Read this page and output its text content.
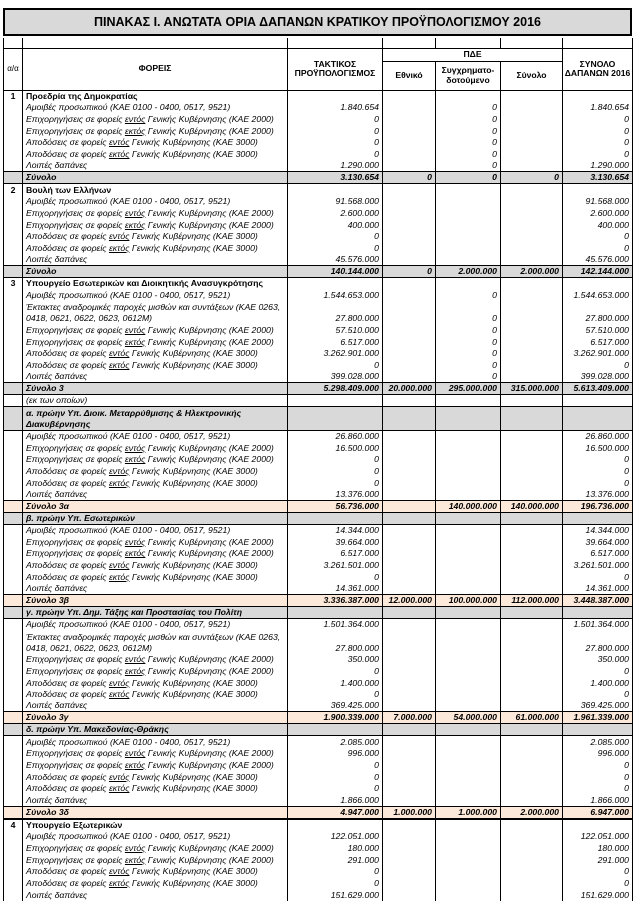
ΠΙΝΑΚΑΣ Ι. ΑΝΩΤΑΤΑ ΟΡΙΑ ΔΑΠΑΝΩΝ ΚΡΑΤΙΚΟΥ ΠΡΟΫΠΟΛΟΓΙΣΜΟΥ 2016

α/α	ΦΟΡΕΙΣ	ΤΑΚΤΙΚΟΣ
ΠΡΟΫΠΟΛΟΓΙΣΜΟΣ	ΠΔΕ			ΣΥΝΟΛΟ
ΔΑΠΑΝΩΝ 2016
			Εθνικό	Συγχρηματο-
δοτούμενο	Σύνολο	
1	Προεδρία της Δημοκρατίας					
	Αμοιβές προσωπικού (ΚΑΕ 0100 - 0400, 0517, 9521)	1.840.654		0		1.840.654
	Επιχορηγήσεις σε φορείς εντός Γενικής Κυβέρνησης (ΚΑΕ 2000)	0		0		0
	Επιχορηγήσεις σε φορείς εκτός Γενικής Κυβέρνησης (ΚΑΕ 2000)	0		0		0
	Αποδόσεις σε φορείς εντός Γενικής Κυβέρνησης (ΚΑΕ 3000)	0		0		0
	Αποδόσεις σε φορείς εκτός Γενικής Κυβέρνησης (ΚΑΕ 3000)	0		0		0
	Λοιπές δαπάνες	1.290.000		0		1.290.000
	Σύνολο	3.130.654	0	0	0	3.130.654
2	Βουλή των Ελλήνων					
	Αμοιβές προσωπικού (ΚΑΕ 0100 - 0400, 0517, 9521)	91.568.000				91.568.000
	Επιχορηγήσεις σε φορείς εντός Γενικής Κυβέρνησης (ΚΑΕ 2000)	2.600.000				2.600.000
	Επιχορηγήσεις σε φορείς εκτός Γενικής Κυβέρνησης (ΚΑΕ 2000)	400.000				400.000
	Αποδόσεις σε φορείς εντός Γενικής Κυβέρνησης (ΚΑΕ 3000)	0				0
	Αποδόσεις σε φορείς εκτός Γενικής Κυβέρνησης (ΚΑΕ 3000)	0				0
	Λοιπές δαπάνες	45.576.000				45.576.000
	Σύνολο	140.144.000	0	2.000.000	2.000.000	142.144.000
3	Υπουργείο Εσωτερικών και Διοικητικής Ανασυγκρότησης					
	Αμοιβές προσωπικού (ΚΑΕ 0100 - 0400, 0517, 9521)	1.544.653.000		0		1.544.653.000
	Έκτακτες αναδρομικές παροχές μισθών και συντάξεων (ΚΑΕ 0263,
0418, 0621, 0622, 0623, 0612Μ)	27.800.000		0		27.800.000
	Επιχορηγήσεις σε φορείς εντός Γενικής Κυβέρνησης (ΚΑΕ 2000)	57.510.000		0		57.510.000
	Επιχορηγήσεις σε φορείς εκτός Γενικής Κυβέρνησης (ΚΑΕ 2000)	6.517.000		0		6.517.000
	Αποδόσεις σε φορείς εντός Γενικής Κυβέρνησης (ΚΑΕ 3000)	3.262.901.000		0		3.262.901.000
	Αποδόσεις σε φορείς εκτός Γενικής Κυβέρνησης (ΚΑΕ 3000)	0		0		0
	Λοιπές δαπάνες	399.028.000		0		399.028.000
	Σύνολο 3	5.298.409.000	20.000.000	295.000.000	315.000.000	5.613.409.000
	(εκ των οποίων)					
	α. πρώην Υπ. Διοικ. Μεταρρύθμισης & Ηλεκτρονικής
Διακυβέρνησης					
	Αμοιβές προσωπικού (ΚΑΕ 0100 - 0400, 0517, 9521)	26.860.000				26.860.000
	Επιχορηγήσεις σε φορείς εντός Γενικής Κυβέρνησης (ΚΑΕ 2000)	16.500.000				16.500.000
	Επιχορηγήσεις σε φορείς εκτός Γενικής Κυβέρνησης (ΚΑΕ 2000)	0				0
	Αποδόσεις σε φορείς εντός Γενικής Κυβέρνησης (ΚΑΕ 3000)	0				0
	Αποδόσεις σε φορείς εκτός Γενικής Κυβέρνησης (ΚΑΕ 3000)	0				0
	Λοιπές δαπάνες	13.376.000				13.376.000
	Σύνολο 3α	56.736.000		140.000.000	140.000.000	196.736.000
	β. πρώην Υπ. Εσωτερικών					
	Αμοιβές προσωπικού (ΚΑΕ 0100 - 0400, 0517, 9521)	14.344.000				14.344.000
	Επιχορηγήσεις σε φορείς εντός Γενικής Κυβέρνησης (ΚΑΕ 2000)	39.664.000				39.664.000
	Επιχορηγήσεις σε φορείς εκτός Γενικής Κυβέρνησης (ΚΑΕ 2000)	6.517.000				6.517.000
	Αποδόσεις σε φορείς εντός Γενικής Κυβέρνησης (ΚΑΕ 3000)	3.261.501.000				3.261.501.000
	Αποδόσεις σε φορείς εκτός Γενικής Κυβέρνησης (ΚΑΕ 3000)	0				0
	Λοιπές δαπάνες	14.361.000				14.361.000
	Σύνολο 3β	3.336.387.000	12.000.000	100.000.000	112.000.000	3.448.387.000
	γ. πρώην Υπ. Δημ. Τάξης και Προστασίας του Πολίτη					
	Αμοιβές προσωπικού (ΚΑΕ 0100 - 0400, 0517, 9521)	1.501.364.000				1.501.364.000
	Έκτακτες αναδρομικές παροχές μισθών και συντάξεων (ΚΑΕ 0263,
0418, 0621, 0622, 0623, 0612Μ)	27.800.000				27.800.000
	Επιχορηγήσεις σε φορείς εντός Γενικής Κυβέρνησης (ΚΑΕ 2000)	350.000				350.000
	Επιχορηγήσεις σε φορείς εκτός Γενικής Κυβέρνησης (ΚΑΕ 2000)	0				0
	Αποδόσεις σε φορείς εντός Γενικής Κυβέρνησης (ΚΑΕ 3000)	1.400.000				1.400.000
	Αποδόσεις σε φορείς εκτός Γενικής Κυβέρνησης (ΚΑΕ 3000)	0				0
	Λοιπές δαπάνες	369.425.000				369.425.000
	Σύνολο 3γ	1.900.339.000	7.000.000	54.000.000	61.000.000	1.961.339.000
	δ. πρώην Υπ. Μακεδονίας-Θράκης					
	Αμοιβές προσωπικού (ΚΑΕ 0100 - 0400, 0517, 9521)	2.085.000				2.085.000
	Επιχορηγήσεις σε φορείς εντός Γενικής Κυβέρνησης (ΚΑΕ 2000)	996.000				996.000
	Επιχορηγήσεις σε φορείς εκτός Γενικής Κυβέρνησης (ΚΑΕ 2000)	0				0
	Αποδόσεις σε φορείς εντός Γενικής Κυβέρνησης (ΚΑΕ 3000)	0				0
	Αποδόσεις σε φορείς εκτός Γενικής Κυβέρνησης (ΚΑΕ 3000)	0				0
	Λοιπές δαπάνες	1.866.000				1.866.000
	Σύνολο 3δ	4.947.000	1.000.000	1.000.000	2.000.000	6.947.000
4	Υπουργείο Εξωτερικών					
	Αμοιβές προσωπικού (ΚΑΕ 0100 - 0400, 0517, 9521)	122.051.000				122.051.000
	Επιχορηγήσεις σε φορείς εντός Γενικής Κυβέρνησης (ΚΑΕ 2000)	180.000				180.000
	Επιχορηγήσεις σε φορείς εκτός Γενικής Κυβέρνησης (ΚΑΕ 2000)	291.000				291.000
	Αποδόσεις σε φορείς εντός Γενικής Κυβέρνησης (ΚΑΕ 3000)	0				0
	Αποδόσεις σε φορείς εκτός Γενικής Κυβέρνησης (ΚΑΕ 3000)	0				0
	Λοιπές δαπάνες	151.629.000				151.629.000
